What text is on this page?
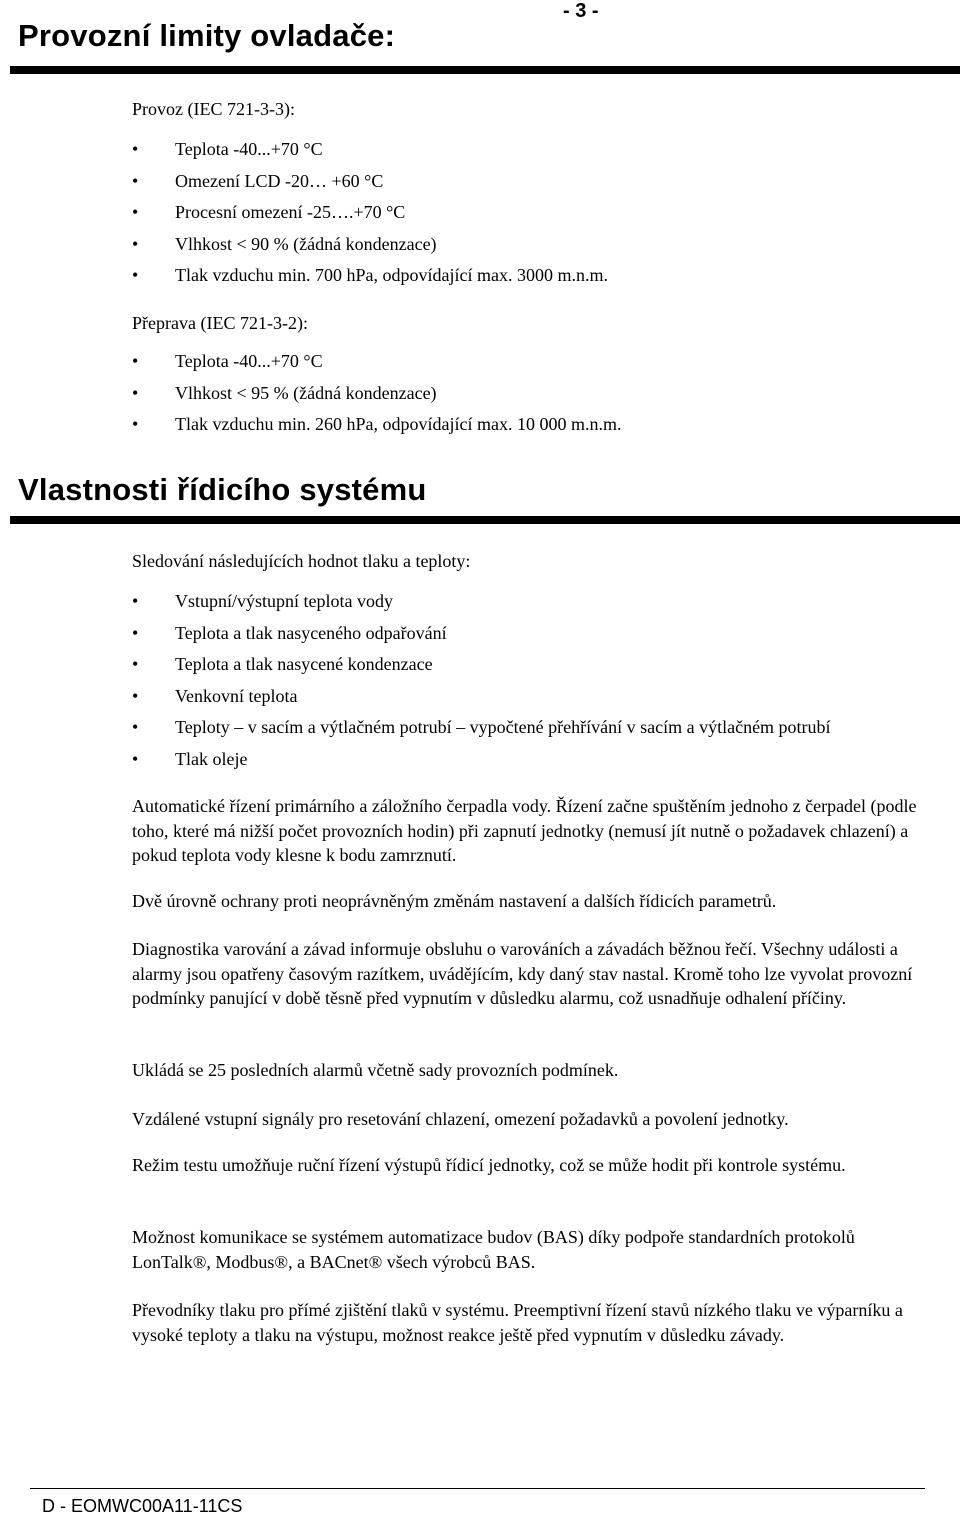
- 3 -
Provozní limity ovladače:
Provoz (IEC 721-3-3):
• Teplota -40...+70 °C
• Omezení LCD -20… +60 °C
• Procesní omezení -25….+70 °C
• Vlhkost < 90 % (žádná kondenzace)
• Tlak vzduchu min. 700 hPa, odpovídající max. 3000 m.n.m.
Přeprava (IEC 721-3-2):
• Teplota -40...+70 °C
• Vlhkost < 95 % (žádná kondenzace)
• Tlak vzduchu min. 260 hPa, odpovídající max. 10 000 m.n.m.
Vlastnosti řídicího systému
Sledování následujících hodnot tlaku a teploty:
• Vstupní/výstupní teplota vody
• Teplota a tlak nasyceného odpařování
• Teplota a tlak nasycené kondenzace
• Venkovní teplota
• Teploty – v sacím a výtlačném potrubí – vypočtené přehřívání v sacím a výtlačném potrubí
• Tlak oleje

Automatické řízení primárního a záložního čerpadla vody. Řízení začne spuštěním jednoho z čerpadel (podle toho, které má nižší počet provozních hodin) při zapnutí jednotky (nemusí jít nutně o požadavek chlazení) a pokud teplota vody klesne k bodu zamrznutí.

Dvě úrovně ochrany proti neoprávněným změnám nastavení a dalších řídicích parametrů.

Diagnostika varování a závad informuje obsluhu o varováních a závadách běžnou řečí. Všechny události a alarmy jsou opatřeny časovým razítkem, uvádějícím, kdy daný stav nastal. Kromě toho lze vyvolat provozní podmínky panující v době těsně před vypnutím v důsledku alarmu, což usnadňuje odhalení příčiny.

Ukládá se 25 posledních alarmů včetně sady provozních podmínek.

Vzdálené vstupní signály pro resetování chlazení, omezení požadavků a povolení jednotky.

Režim testu umožňuje ruční řízení výstupů řídicí jednotky, což se může hodit při kontrole systému.

Možnost komunikace se systémem automatizace budov (BAS) díky podpoře standardních protokolů LonTalk®, Modbus®, a BACnet® všech výrobců BAS.

Převodníky tlaku pro přímé zjištění tlaků v systému. Preemptivní řízení stavů nízkého tlaku ve výparníku a vysoké teploty a tlaku na výstupu, možnost reakce ještě před vypnutím v důsledku závady.

D - EOMWC00A11-11CS
